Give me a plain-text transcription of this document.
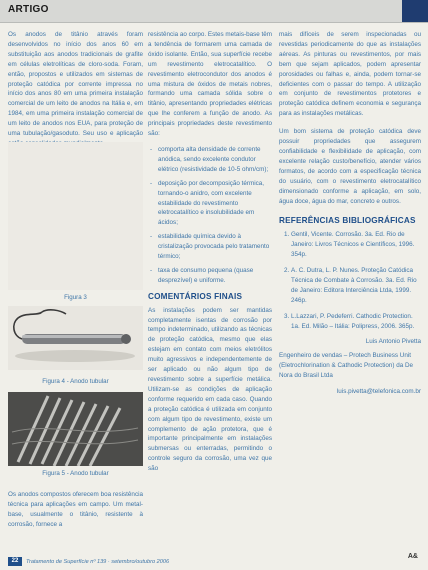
ARTIGO

Os anodos de titânio através foram desenvolvidos no início dos anos 60 em substituição aos anodos tradicionais de grafite em células eletrolíticas de cloro-soda. Foram, então, propostos e utilizados em sistemas de proteção catódica por corrente impressa no início dos anos 80 em uma primeira instalação comercial de um leito de anodos na Itália e, em 1984, em uma primeira instalação comercial de um leito de anodos nos EUA, para proteção de uma tubulação/gasoduto. Seu uso e aplicação

Figura 3
Figura 4 - Anodo tubular
Figura 5 - Anodo tubular

Os anodos compostos oferecem boa resistência técnica para aplicações em campo. Um metal-base, usualmente o titânio, resistente à corrosão, fornece a

resistência ao corpo. Estes metais-base têm a tendência de formarem uma camada de óxido isolante. Então, sua superfície recebe um revestimento eletrocatalítico. O revestimento eletrocondutor dos anodos é uma mistura de óxidos de metais nobres, formando uma camada sólida sobre o titânio, apresentando propriedades elétricas que lhe conferem a função de anodo. As principais propriedades deste revestimento são:

- comporta alta densidade de corrente anódica, sendo excelente condutor elétrico (resistividade de 10-5 ohm/cm);
- deposição por decomposição térmica, tornando-o anidro, com excelente estabilidade do revestimento eletrocatalítico e insolubilidade em ácidos;
- estabilidade química devido à cristalização provocada pelo tratamento térmico;
- taxa de consumo pequena (quase desprezível) e uniforme.
COMENTÁRIOS FINAIS

As instalações podem ser mantidas completamente isentas de corrosão por tempo indeterminado, utilizando as técnicas de proteção catódica, mesmo que elas estejam em contato com meios eletrólitos muito agressivos e independentemente de ser aplicado ou não algum tipo de revestimento sobre a superfície metálica. Utilizam-se as condições de aplicação conforme requerido em cada caso. Quando a proteção catódica é utilizada em conjunto com algum tipo de revestimento, existe um complemento de ação protetora, que é importante principalmente em instalações submersas ou enterradas, permitindo o controle seguro da corrosão, uma vez que são

mais difíceis de serem inspecionadas ou revestidas periodicamente do que as instalações aéreas. As pinturas ou revestimentos, por mais bem que sejam aplicados, podem apresentar porosidades ou falhas e, ainda, podem tornar-se deficientes com o passar do tempo. A utilização em conjunto de revestimentos protetores e proteção catódica definem economia e segurança para as instalações metálicas.

Um bom sistema de proteção catódica deve possuir propriedades que assegurem confiabilidade e flexibilidade de aplicação, com excelente relação custo/benefício, atender vários formatos, de acordo com a especificação técnica do usuário, com o revestimento eletrocatalítico dimensionado conforme a aplicação, em solo, água doce, água do mar, concreto e outros.

REFERÊNCIAS BIBLIOGRÁFICAS
1. Gentil, Vicente. Corrosão. 3a. Ed. Rio de Janeiro: Livros Técnicos e Científicos, 1996. 354p.
2. A. C. Dutra, L. P. Nunes. Proteção Catódica Técnica de Combate à Corrosão. 3a. Ed. Rio de Janeiro: Editora Interciência Ltda, 1999. 246p.
3. L.Lazzari, P. Pedeferri. Cathodic Protection. 1a. Ed. Milão – Itália: Polipress, 2006. 365p.
Luis Antonio Pivetta
Engenheiro de vendas – Protech Business Unit (Eletrochlorination & Cathodic Protection) da De Nora do Brasil Ltda
luis.pivetta@telefonica.com.br
22	Tratamento de Superfície nº 139 · setembro/outubro 2006
A&
